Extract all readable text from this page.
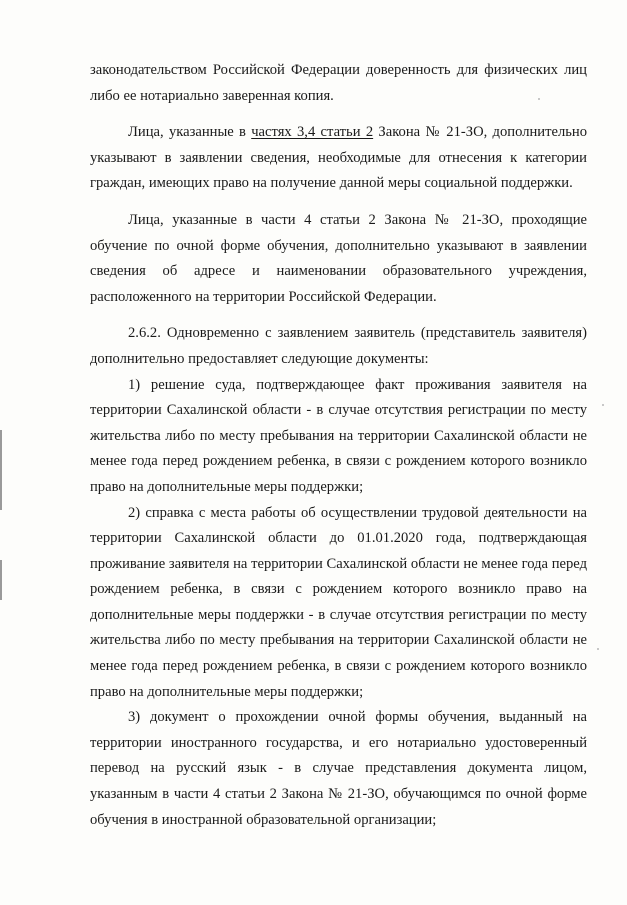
законодательством Российской Федерации доверенность для физических лиц либо ее нотариально заверенная копия.

Лица, указанные в частях 3,4 статьи 2 Закона № 21-ЗО, дополнительно указывают в заявлении сведения, необходимые для отнесения к категории граждан, имеющих право на получение данной меры социальной поддержки.

Лица, указанные в части 4 статьи 2 Закона № 21-ЗО, проходящие обучение по очной форме обучения, дополнительно указывают в заявлении сведения об адресе и наименовании образовательного учреждения, расположенного на территории Российской Федерации.

2.6.2. Одновременно с заявлением заявитель (представитель заявителя) дополнительно предоставляет следующие документы:

1) решение суда, подтверждающее факт проживания заявителя на территории Сахалинской области - в случае отсутствия регистрации по месту жительства либо по месту пребывания на территории Сахалинской области не менее года перед рождением ребенка, в связи с рождением которого возникло право на дополнительные меры поддержки;

2) справка с места работы об осуществлении трудовой деятельности на территории Сахалинской области до 01.01.2020 года, подтверждающая проживание заявителя на территории Сахалинской области не менее года перед рождением ребенка, в связи с рождением которого возникло право на дополнительные меры поддержки - в случае отсутствия регистрации по месту жительства либо по месту пребывания на территории Сахалинской области не менее года перед рождением ребенка, в связи с рождением которого возникло право на дополнительные меры поддержки;

3) документ о прохождении очной формы обучения, выданный на территории иностранного государства, и его нотариально удостоверенный перевод на русский язык - в случае представления документа лицом, указанным в части 4 статьи 2 Закона № 21-ЗО, обучающимся по очной форме обучения в иностранной образовательной организации;
